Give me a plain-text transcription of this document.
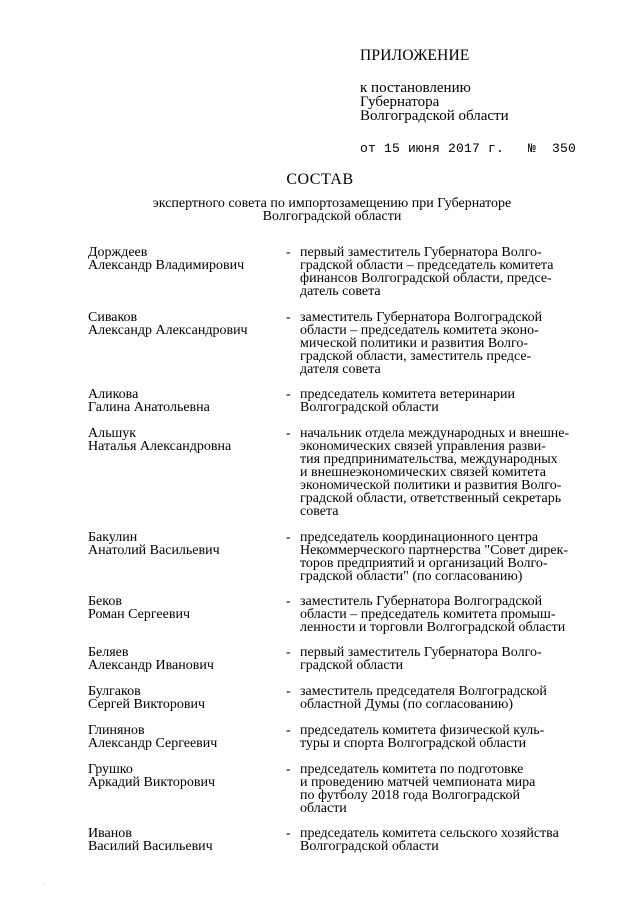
ПРИЛОЖЕНИЕ
к постановлению
Губернатора
Волгоградской области
от 15 июня 2017 г.   №  350
СОСТАВ
экспертного совета по импортозамещению при Губернаторе
Волгоградской области
Дорждеев
Александр Владимирович
- первый заместитель Губернатора Волго-
градской области – председатель комитета
финансов Волгоградской области, предсе-
датель совета
Сиваков
Александр Александрович
- заместитель Губернатора Волгоградской
области – председатель комитета эконо-
мической политики и развития Волго-
градской области, заместитель предсе-
дателя совета
Аликова
Галина Анатольевна
- председатель комитета ветеринарии
Волгоградской области
Альшук
Наталья Александровна
- начальник отдела международных и внешне-
экономических связей управления разви-
тия предпринимательства, международных
и внешнеэкономических связей комитета
экономической политики и развития Волго-
градской области, ответственный секретарь
совета
Бакулин
Анатолий Васильевич
- председатель координационного центра
Некоммерческого партнерства "Совет дирек-
торов предприятий и организаций Волго-
градской области" (по согласованию)
Беков
Роман Сергеевич
- заместитель Губернатора Волгоградской
области – председатель комитета промыш-
ленности и торговли Волгоградской области
Беляев
Александр Иванович
- первый заместитель Губернатора Волго-
градской области
Булгаков
Сергей Викторович
- заместитель председателя Волгоградской
областной Думы (по согласованию)
Глинянов
Александр Сергеевич
- председатель комитета физической куль-
туры и спорта Волгоградской области
Грушко
Аркадий Викторович
- председатель комитета по подготовке
и проведению матчей чемпионата мира
по футболу 2018 года Волгоградской
области
Иванов
Василий Васильевич
- председатель комитета сельского хозяйства
Волгоградской области
·
